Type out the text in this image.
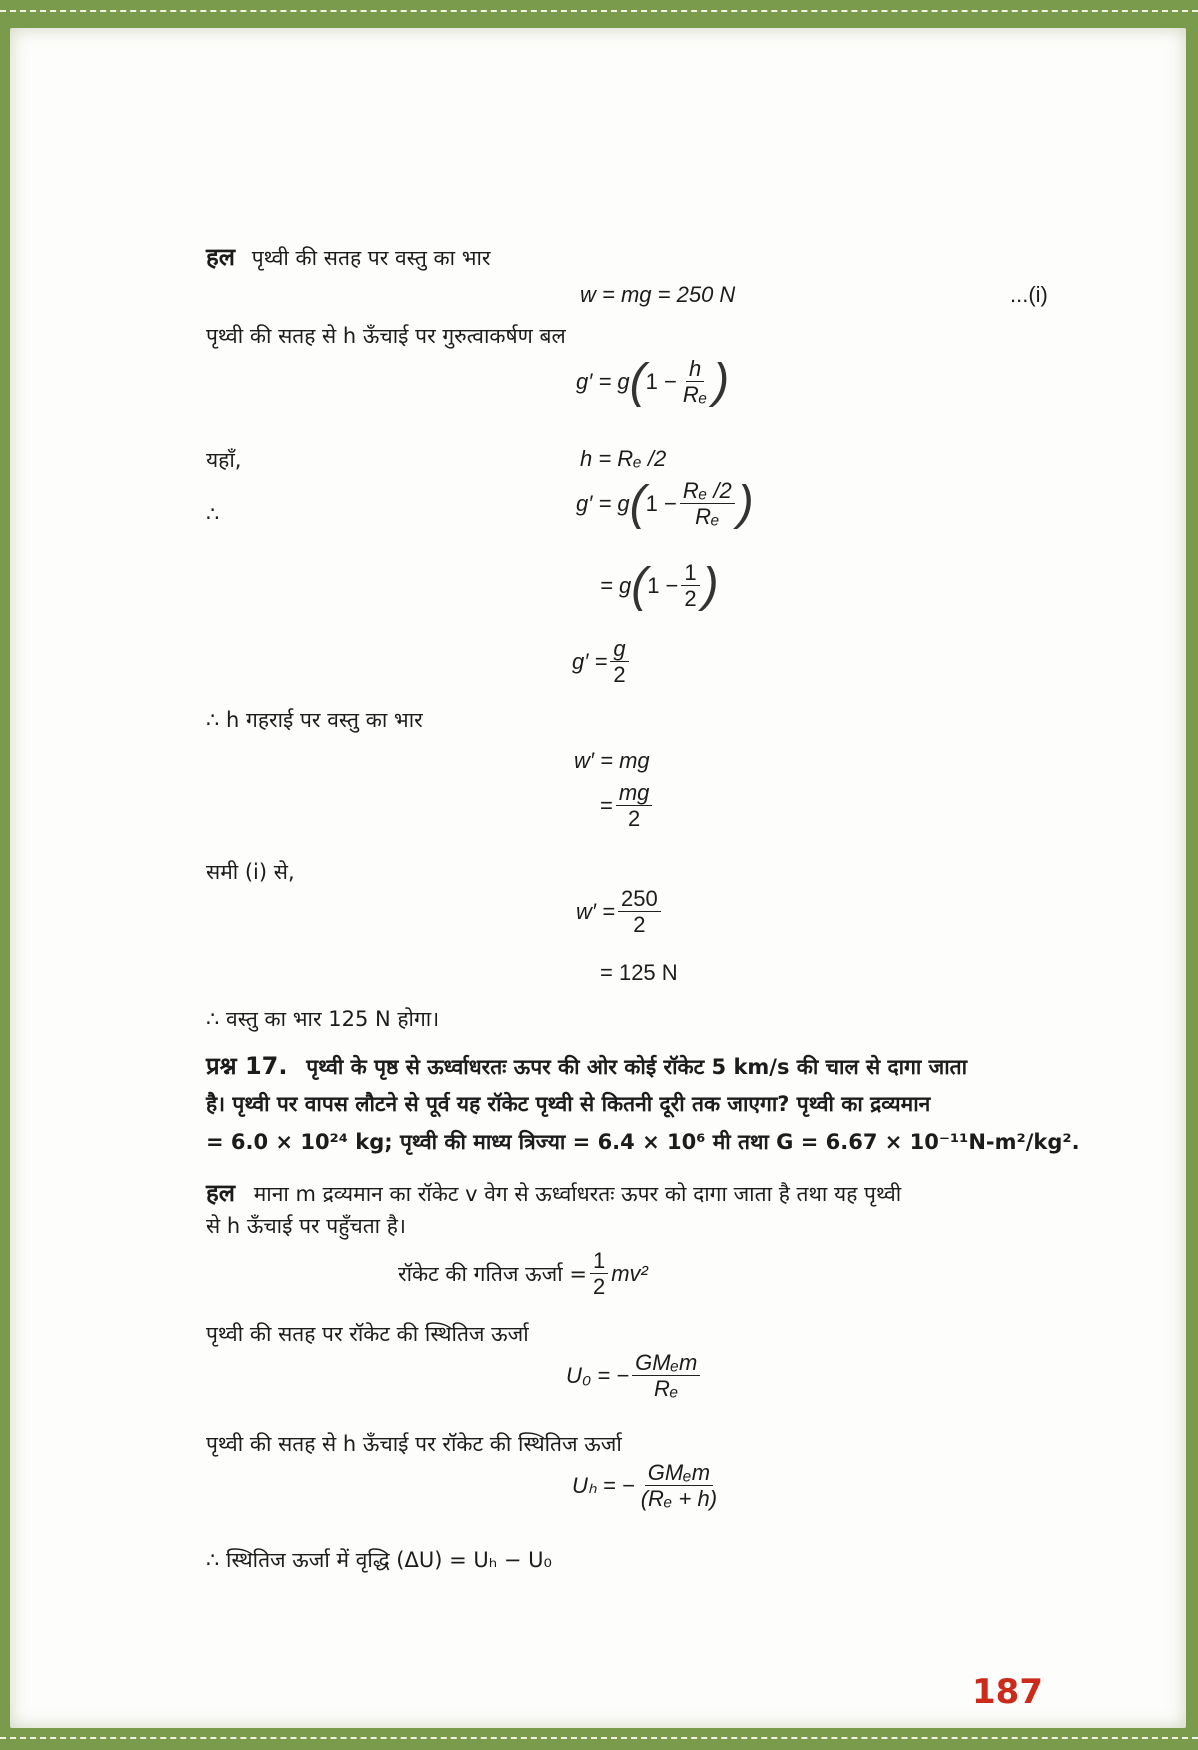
हल पृथ्वी की सतह पर वस्तु का भार
w = mg = 250 N	...(i)
पृथ्वी की सतह से h ऊँचाई पर गुरुत्वाकर्षण बल
g′ = g ( $1 - \frac{h}{\text{Rₑ}}$ )
यहाँ,	h = Rₑ /2
∴	g′ = g ( $1 - \frac{\text{Rₑ /2}}{\text{Rₑ}}$ )
= g ( $1 - \frac{1}{2}$ )
$g' = \frac{g}{2}$
∴ h गहराई पर वस्तु का भार
w′ = mg
= $\frac{mg}{2}$
समी (i) से,
$w' = \frac{250}{2}$
= 125 N
∴ वस्तु का भार 125 N होगा।
प्रश्न 17. पृथ्वी के पृष्ठ से ऊर्ध्वाधरतः ऊपर की ओर कोई रॉकेट 5 km/s की चाल से दागा जाता
है। पृथ्वी पर वापस लौटने से पूर्व यह रॉकेट पृथ्वी से कितनी दूरी तक जाएगा? पृथ्वी का द्रव्यमान
= 6.0 × 10²⁴ kg; पृथ्वी की माध्य त्रिज्या = 6.4 × 10⁶ मी तथा G = 6.67 × 10⁻¹¹N-m²/kg².
हल माना m द्रव्यमान का रॉकेट v वेग से ऊर्ध्वाधरतः ऊपर को दागा जाता है तथा यह पृथ्वी
से h ऊँचाई पर पहुँचता है।
रॉकेट की गतिज ऊर्जा = $\frac{1}{2} mv^2$
पृथ्वी की सतह पर रॉकेट की स्थितिज ऊर्जा
U₀ = − $\frac{\text{GMₑm}}{\text{Rₑ}}$
पृथ्वी की सतह से h ऊँचाई पर रॉकेट की स्थितिज ऊर्जा
Uₕ = − $\frac{\text{GMₑm}}{\text{(Rₑ + h)}}$
∴ स्थितिज ऊर्जा में वृद्धि (ΔU) = Uₕ − U₀
187
